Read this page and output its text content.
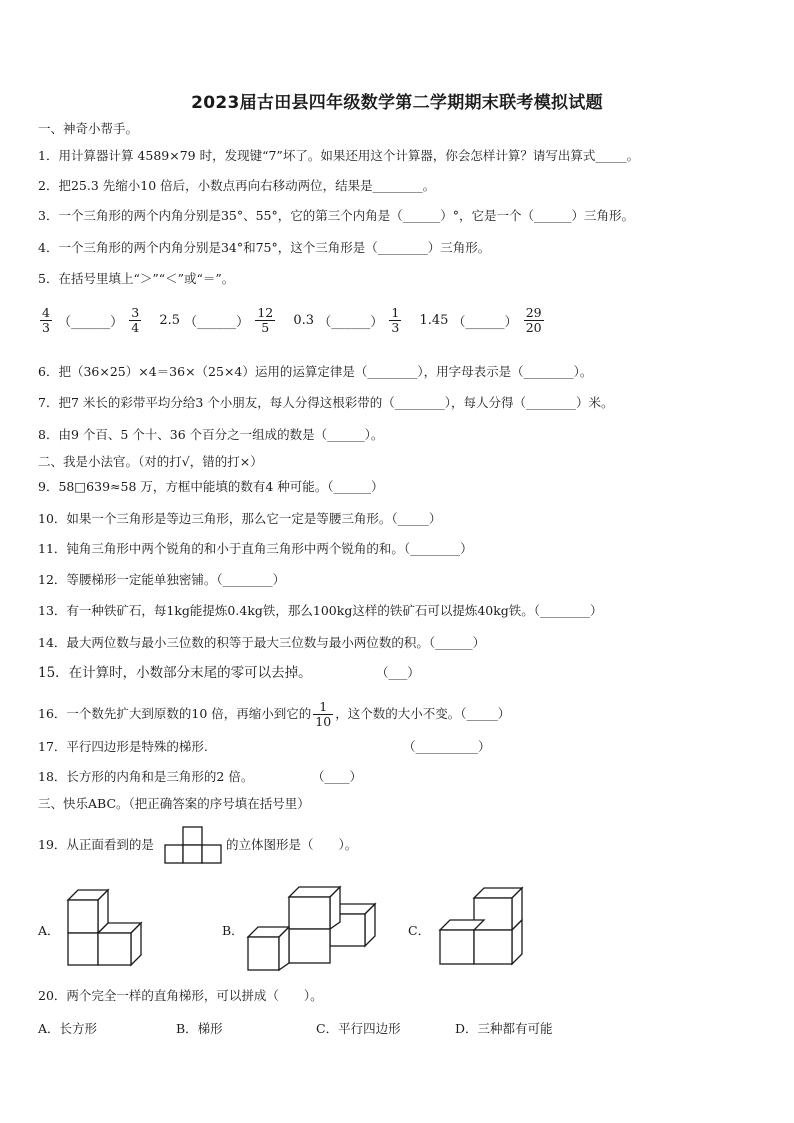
2023届古田县四年级数学第二学期期末联考模拟试题
一、神奇小帮手。
1．用计算器计算 4589×79 时，发现键“7”坏了。如果还用这个计算器，你会怎样计算？请写出算式_____。
2．把25.3 先缩小10 倍后，小数点再向右移动两位，结果是________。
3．一个三角形的两个内角分别是35°、55°，它的第三个内角是（______）°，它是一个（______）三角形。
4．一个三角形的两个内角分别是34°和75°，这个三角形是（________）三角形。
5．在括号里填上“＞”“＜”或“＝”。
$\frac{4}{3}$ （______） $\frac{3}{4} 2.5$ （______） $\frac{12}{5} 0.3$ （______） $\frac{1}{3} 1.45$ （______） $\frac{29}{20}$
6．把（36×25）×4＝36×（25×4）运用的运算定律是（________），用字母表示是（________）。
7．把7 米长的彩带平均分给3 个小朋友，每人分得这根彩带的（________），每人分得（________）米。
8．由9 个百、5 个十、36 个百分之一组成的数是（______）。
二、我是小法官。（对的打√，错的打×）
9．58□639≈58 万，方框中能填的数有4 种可能。（______）
10．如果一个三角形是等边三角形，那么它一定是等腰三角形。（_____）
11．钝角三角形中两个锐角的和小于直角三角形中两个锐角的和。（________）
12．等腰梯形一定能单独密铺。（________）
13．有一种铁矿石，每1kg能提炼0.4kg铁，那么100kg这样的铁矿石可以提炼40kg铁。（________）
14．最大两位数与最小三位数的积等于最大三位数与最小两位数的积。（______）
15．在计算时，小数部分末尾的零可以去掉。	（___）
16．一个数先扩大到原数的10 倍，再缩小到它的 $\frac{1}{10}$ ，这个数的大小不变。（_____）
17．平行四边形是特殊的梯形.	（__________）
18．长方形的内角和是三角形的2 倍。	（____）
三、快乐ABC。（把正确答案的序号填在括号里）
19．从正面看到的是	的立体图形是（　　）。
A．	B．	C．
20．两个完全一样的直角梯形，可以拼成（　　）。
A．长方形	B．梯形	C．平行四边形	D．三种都有可能
